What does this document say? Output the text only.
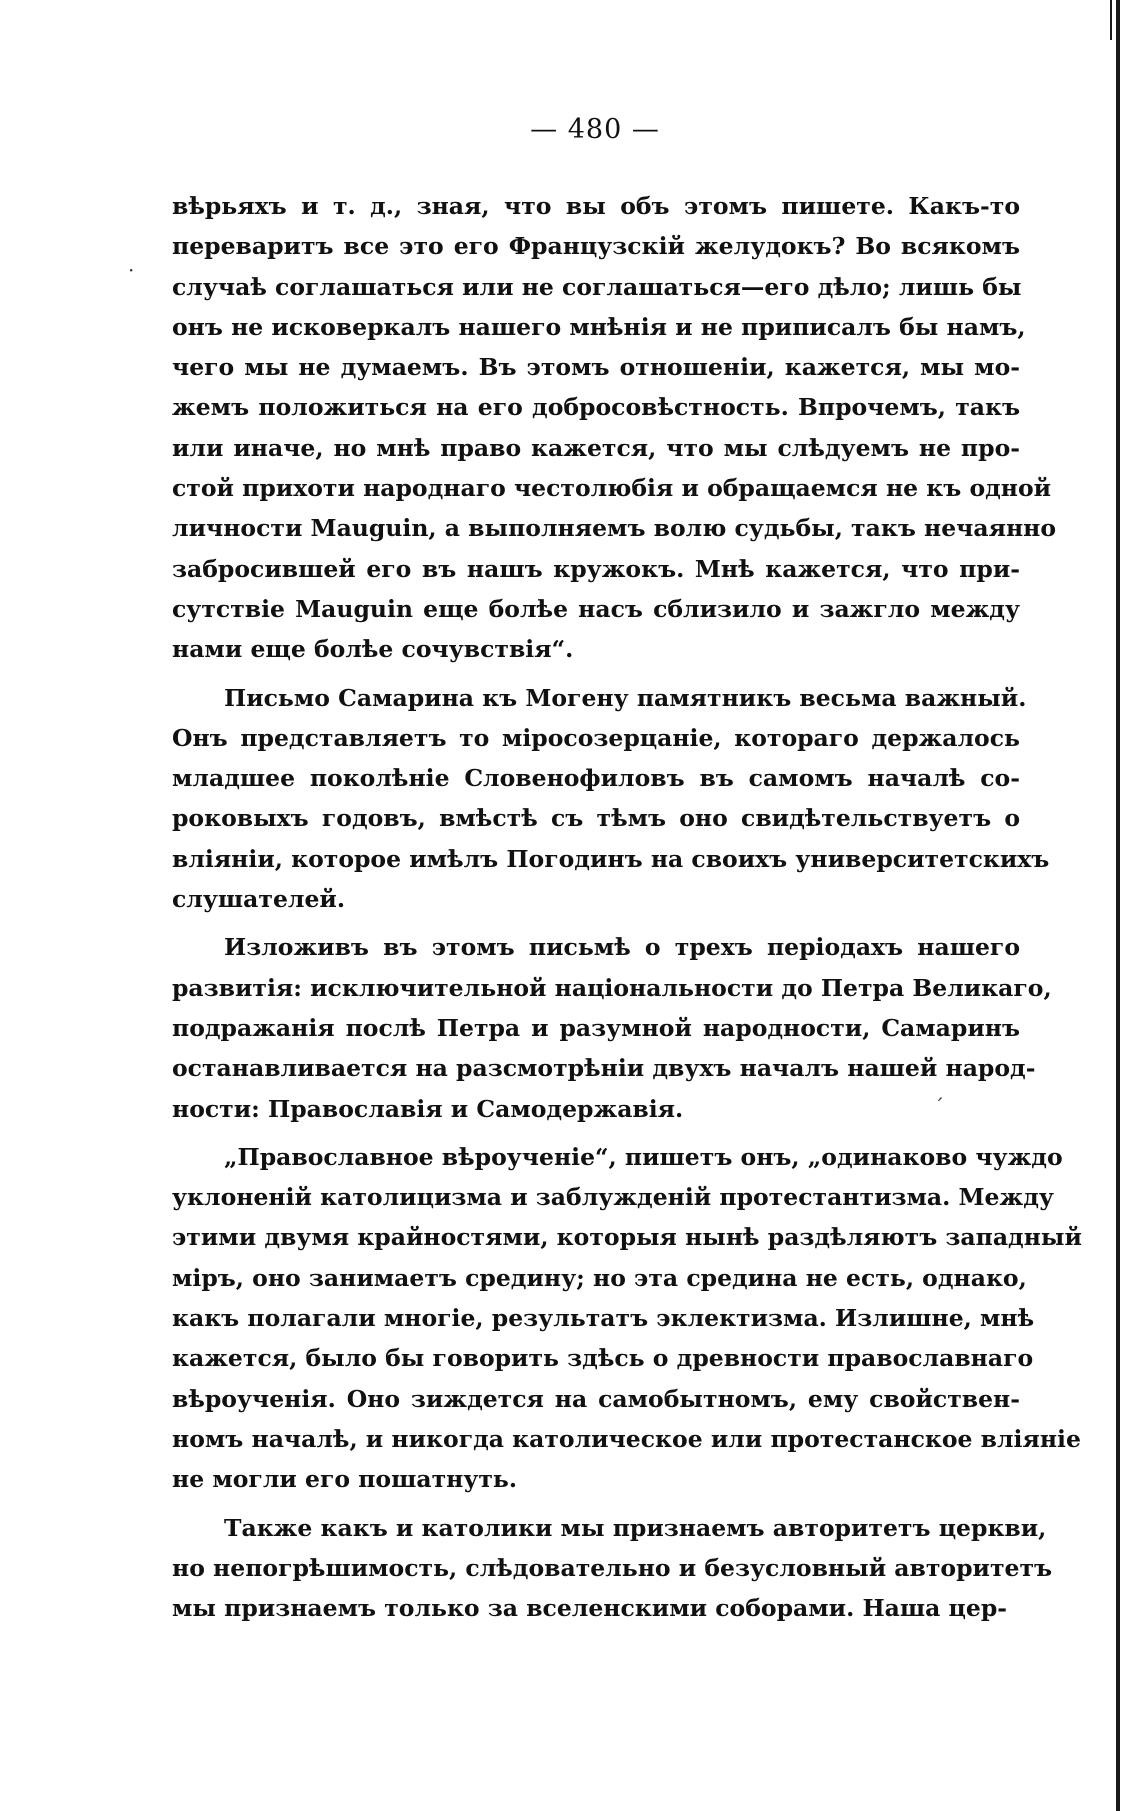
— 480 —
вѣрьяхъ и т. д., зная, что вы объ этомъ пишете. Какъ-то
переваритъ все это его Французскій желудокъ? Во всякомъ
случаѣ соглашаться или не соглашаться—его дѣло; лишь бы
онъ не исковеркалъ нашего мнѣнія и не приписалъ бы намъ,
чего мы не думаемъ. Въ этомъ отношеніи, кажется, мы мо-
жемъ положиться на его добросовѣстность. Впрочемъ, такъ
или иначе, но мнѣ право кажется, что мы слѣдуемъ не про-
стой прихоти народнаго честолюбія и обращаемся не къ одной
личности Mauguin, а выполняемъ волю судьбы, такъ нечаянно
забросившей его въ нашъ кружокъ. Мнѣ кажется, что при-
сутствіе Mauguin еще болѣе насъ сблизило и зажгло между
нами еще болѣе сочувствія“.
Письмо Самарина къ Могену памятникъ весьма важный.
Онъ представляетъ то міросозерцаніе, котораго держалось
младшее поколѣніе Словенофиловъ въ самомъ началѣ со-
роковыхъ годовъ, вмѣстѣ съ тѣмъ оно свидѣтельствуетъ о
вліяніи, которое имѣлъ Погодинъ на своихъ университетскихъ
слушателей.
Изложивъ въ этомъ письмѣ о трехъ періодахъ нашего
развитія: исключительной національности до Петра Великаго,
подражанія послѣ Петра и разумной народности, Самаринъ
останавливается на разсмотрѣніи двухъ началъ нашей народ-
ности: Православія и Самодержавія.
„Православное вѣроученіе“, пишетъ онъ, „одинаково чуждо
уклоненій католицизма и заблужденій протестантизма. Между
этими двумя крайностями, которыя нынѣ раздѣляютъ западный
міръ, оно занимаетъ средину; но эта средина не есть, однако,
какъ полагали многіе, результатъ эклектизма. Излишне, мнѣ
кажется, было бы говорить здѣсь о древности православнаго
вѣроученія. Оно зиждется на самобытномъ, ему свойствен-
номъ началѣ, и никогда католическое или протестанское вліяніе
не могли его пошатнуть.
Также какъ и католики мы признаемъ авторитетъ церкви,
но непогрѣшимость, слѣдовательно и безусловный авторитетъ
мы признаемъ только за вселенскими соборами. Наша цер-
·
ˊ
